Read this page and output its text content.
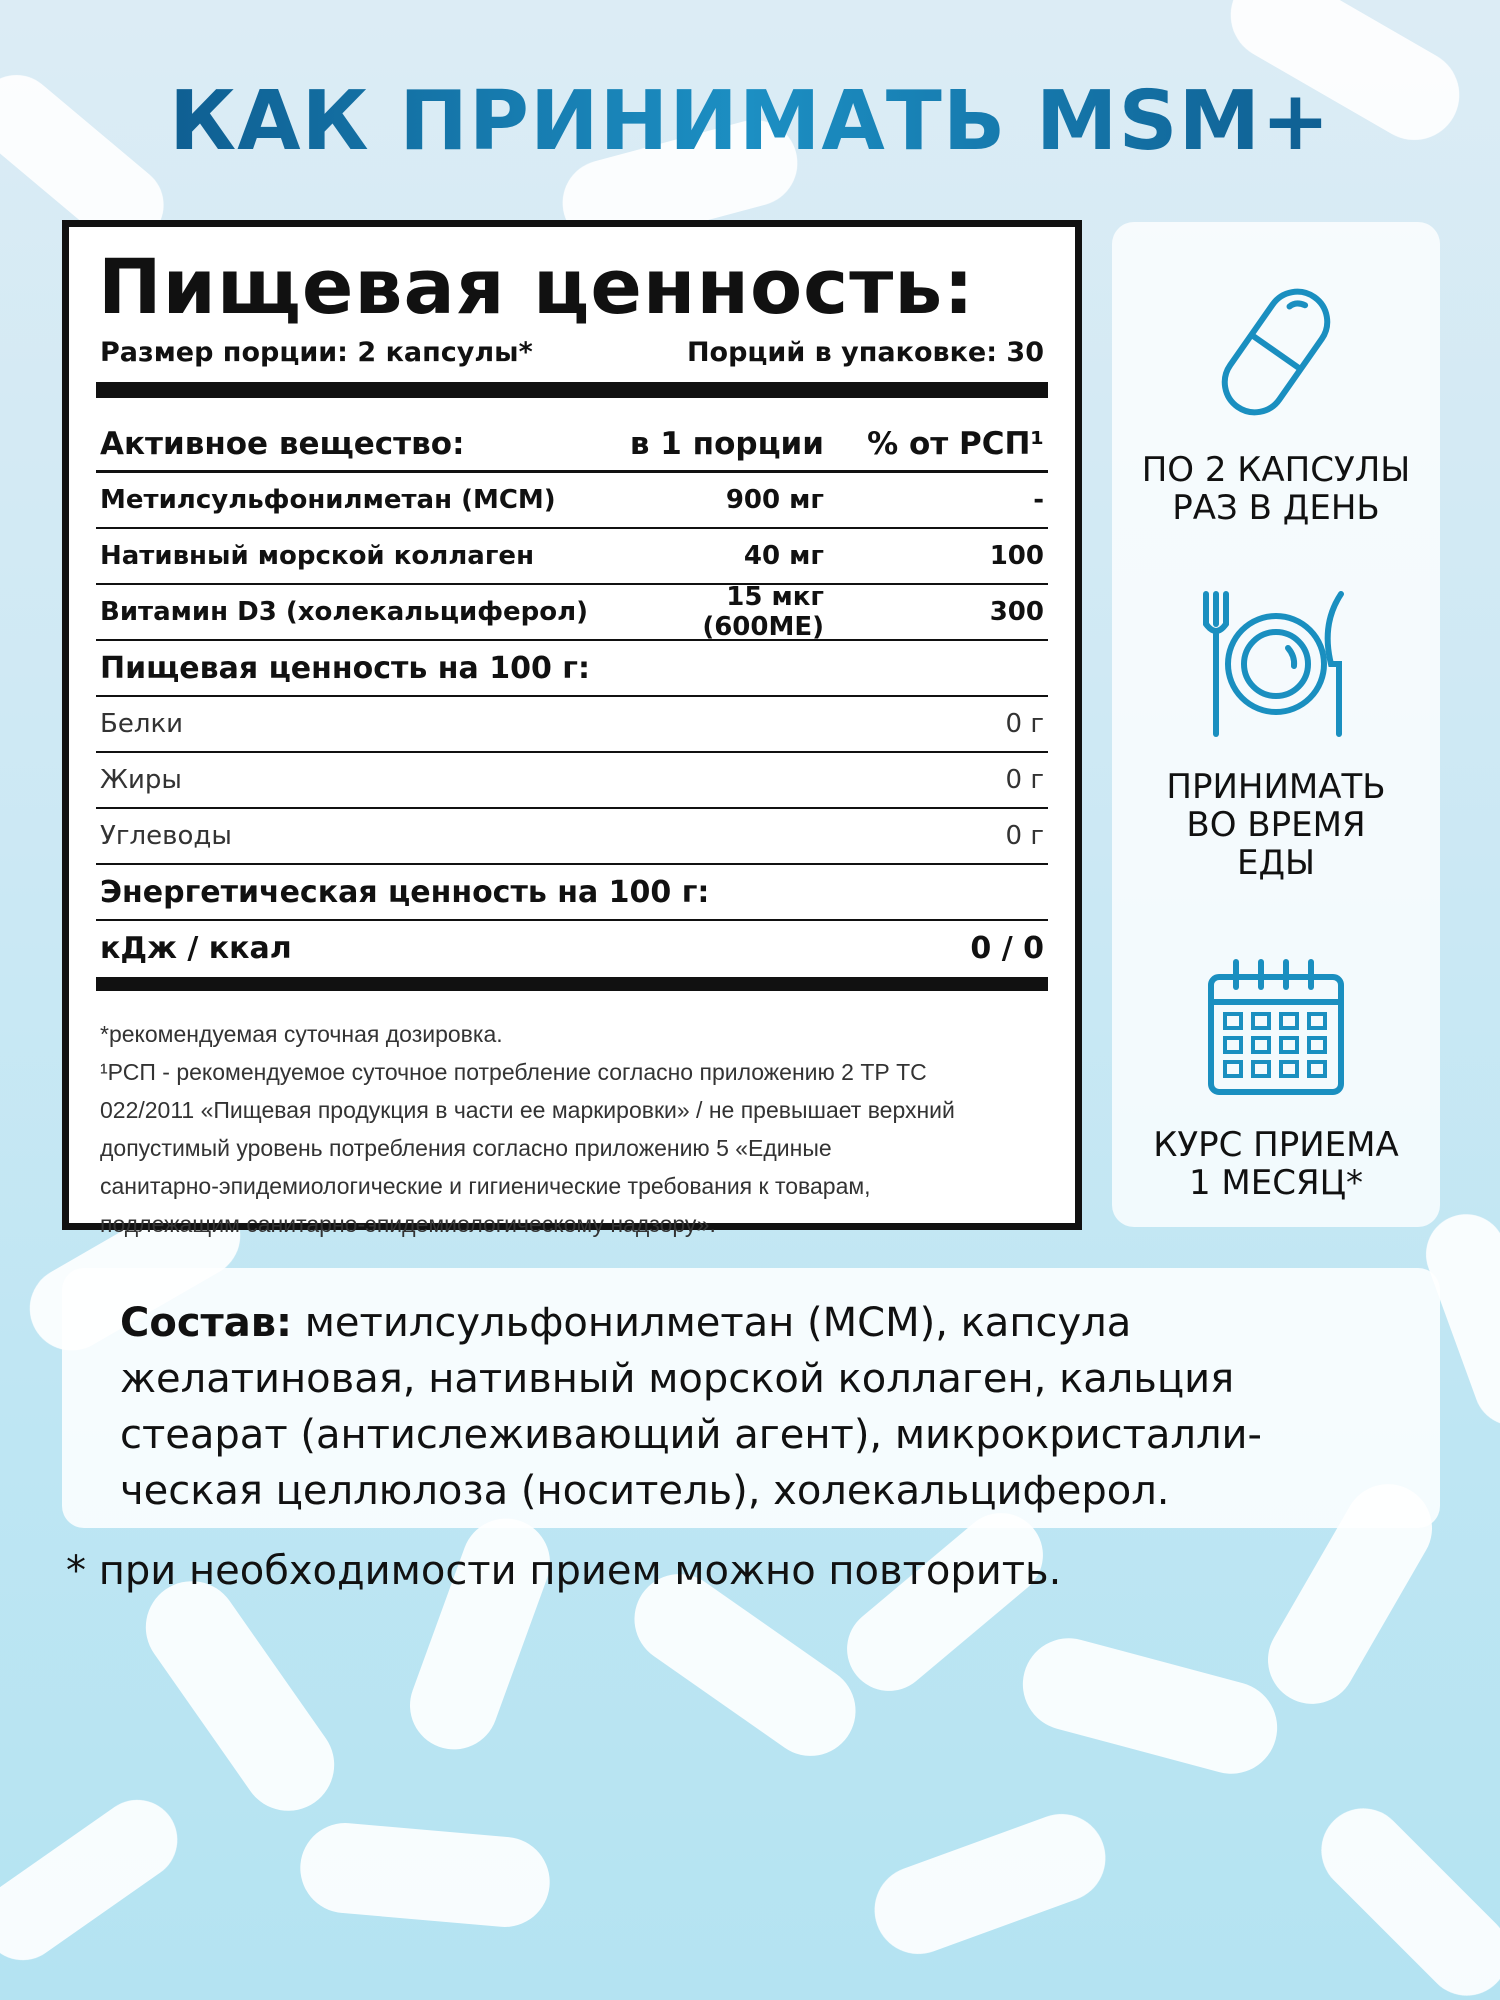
КАК ПРИНИМАТЬ MSM+
Пищевая ценность:
Размер порции: 2 капсулы*	Порций в упаковке: 30
Активное вещество:	в 1 порции	% от РСП¹
Метилсульфонилметан (МСМ)	900 мг	-
Нативный морской коллаген	40 мг	100
Витамин D3 (холекальциферол)	15 мкг (600МЕ)	300
Пищевая ценность на 100 г:
Белки	0 г
Жиры	0 г
Углеводы	0 г
Энергетическая ценность на 100 г:
кДж / ккал	0 / 0
*рекомендуемая суточная дозировка.
¹РСП - рекомендуемое суточное потребление согласно приложению 2 ТР ТС
022/2011 «Пищевая продукция в части ее маркировки» / не превышает верхний
допустимый уровень потребления согласно приложению 5 «Единые
санитарно-эпидемиологические и гигиенические требования к товарам,
подлежащим санитарно-эпидемиологическому надзору».
ПО 2 КАПСУЛЫ
РАЗ В ДЕНЬ
ПРИНИМАТЬ
ВО ВРЕМЯ
ЕДЫ
КУРС ПРИЕМА
1 МЕСЯЦ*
Состав: метилсульфонилметан (МСМ), капсула желатиновая, нативный морской коллаген, кальция стеарат (антислеживающий агент), микрокристалли-ческая целлюлоза (носитель), холекальциферол.
* при необходимости прием можно повторить.
